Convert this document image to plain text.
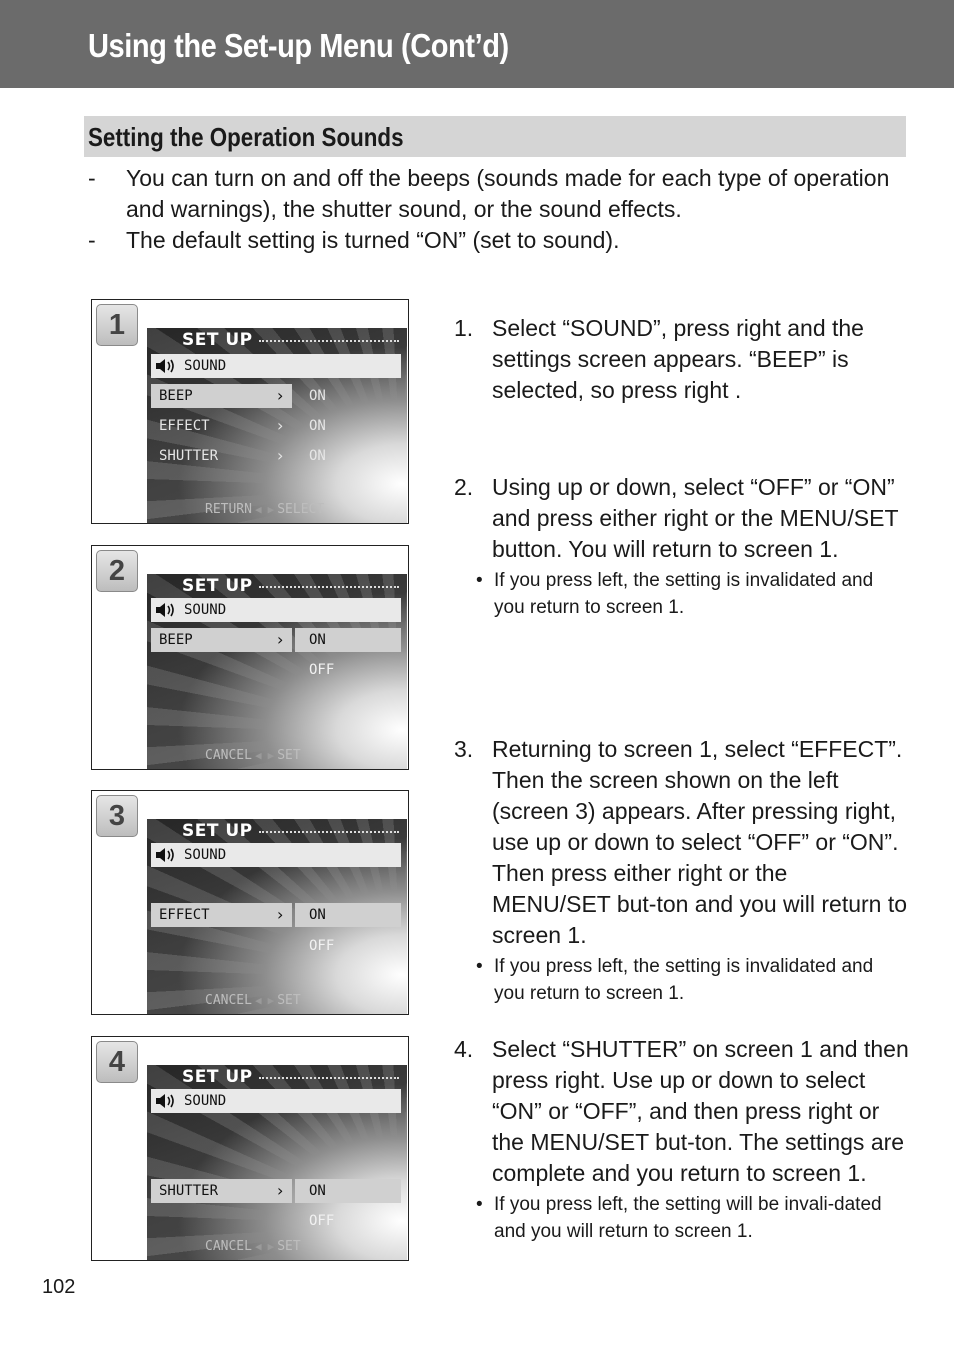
Using the Set-up Menu (Cont’d)
Setting the Operation Sounds
- You can turn on and off the beeps (sounds made for each type of operation and warnings), the shutter sound, or the sound effects.
- The default setting is turned “ON” (set to sound).
1	SET UP
SOUND
BEEP	› ON
EFFECT	› ON
SHUTTER	› ON
RETURN ◀ ▶ SELECT
2	SET UP
SOUND
BEEP	› ON
OFF
CANCEL ◀ ▶ SET
3	SET UP
SOUND
EFFECT	› ON
OFF
CANCEL ◀ ▶ SET
4	SET UP
SOUND
SHUTTER	› ON
OFF
CANCEL ◀ ▶ SET
1. Select “SOUND”, press right and the settings screen appears. “BEEP” is selected, so press right .
2. Using up or down, select “OFF” or “ON” and press either right or the MENU/SET button. You will return to screen 1.
• If you press left, the setting is invalidated and you return to screen 1.
3. Returning to screen 1, select “EFFECT”. Then the screen shown on the left (screen 3) appears. After pressing right, use up or down to select “OFF” or “ON”. Then press either right or the MENU/SET but-ton and you will return to screen 1.
• If you press left, the setting is invalidated and you return to screen 1.
4. Select “SHUTTER” on screen 1 and then press right. Use up or down to select “ON” or “OFF”, and then press right or the MENU/SET but-ton. The settings are complete and you return to screen 1.
• If you press left, the setting will be invali-dated and you will return to screen 1.
102
